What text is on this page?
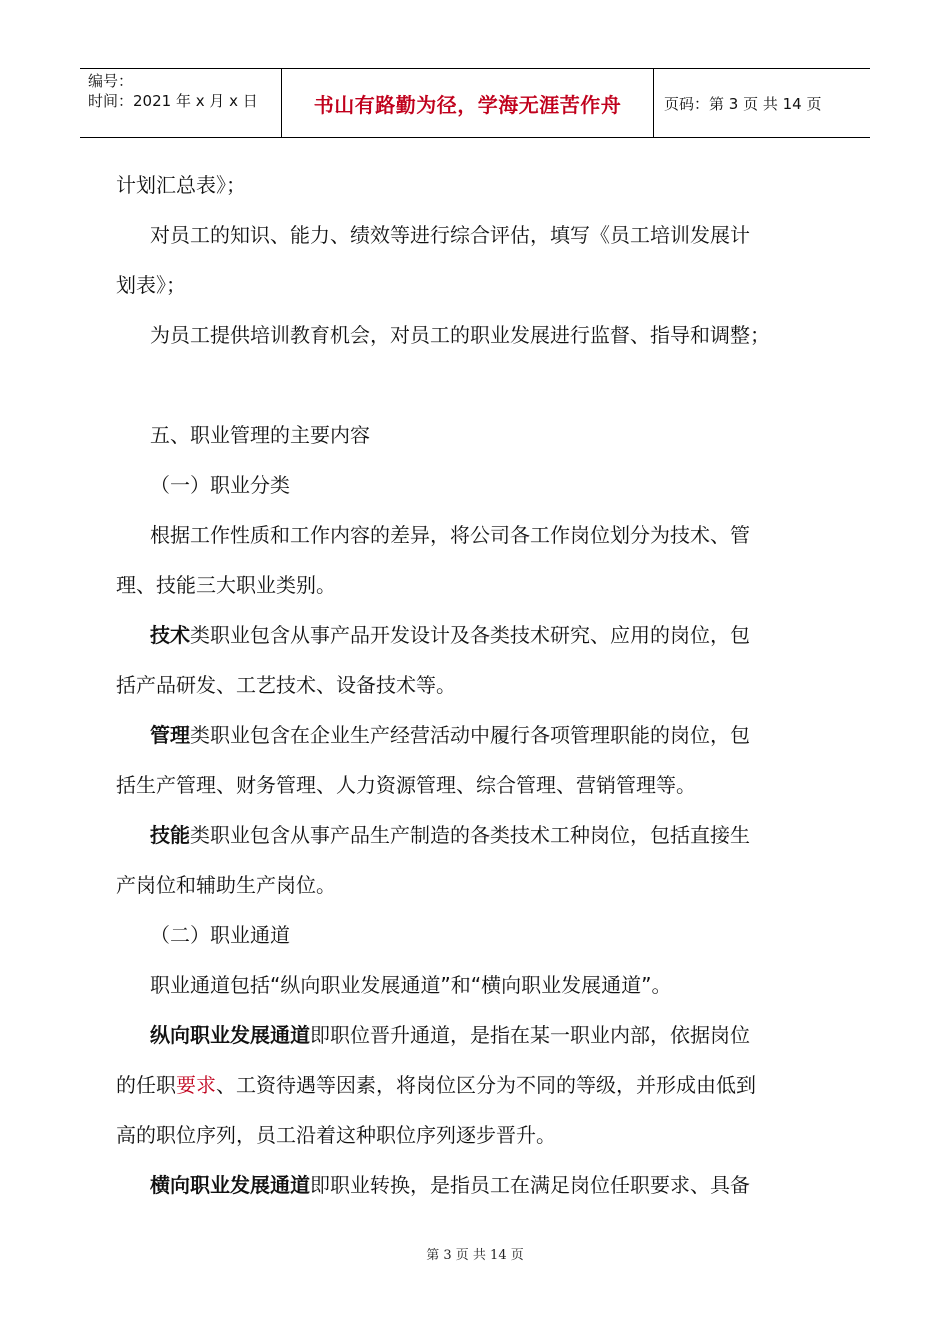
编号：
时间：2021 年 x 月 x 日	书山有路勤为径，学海无涯苦作舟	页码：第 3 页 共 14 页
计划汇总表》；
对员工的知识、能力、绩效等进行综合评估，填写《员工培训发展计
划表》；
为员工提供培训教育机会，对员工的职业发展进行监督、指导和调整；
五、职业管理的主要内容
（一）职业分类
根据工作性质和工作内容的差异，将公司各工作岗位划分为技术、管
理、技能三大职业类别。
技术类职业包含从事产品开发设计及各类技术研究、应用的岗位，包
括产品研发、工艺技术、设备技术等。
管理类职业包含在企业生产经营活动中履行各项管理职能的岗位，包
括生产管理、财务管理、人力资源管理、综合管理、营销管理等。
技能类职业包含从事产品生产制造的各类技术工种岗位，包括直接生
产岗位和辅助生产岗位。
（二）职业通道
职业通道包括“纵向职业发展通道”和“横向职业发展通道”。
纵向职业发展通道即职位晋升通道，是指在某一职业内部，依据岗位
的任职要求、工资待遇等因素，将岗位区分为不同的等级，并形成由低到
高的职位序列，员工沿着这种职位序列逐步晋升。
横向职业发展通道即职业转换，是指员工在满足岗位任职要求、具备
第 3 页 共 14 页
